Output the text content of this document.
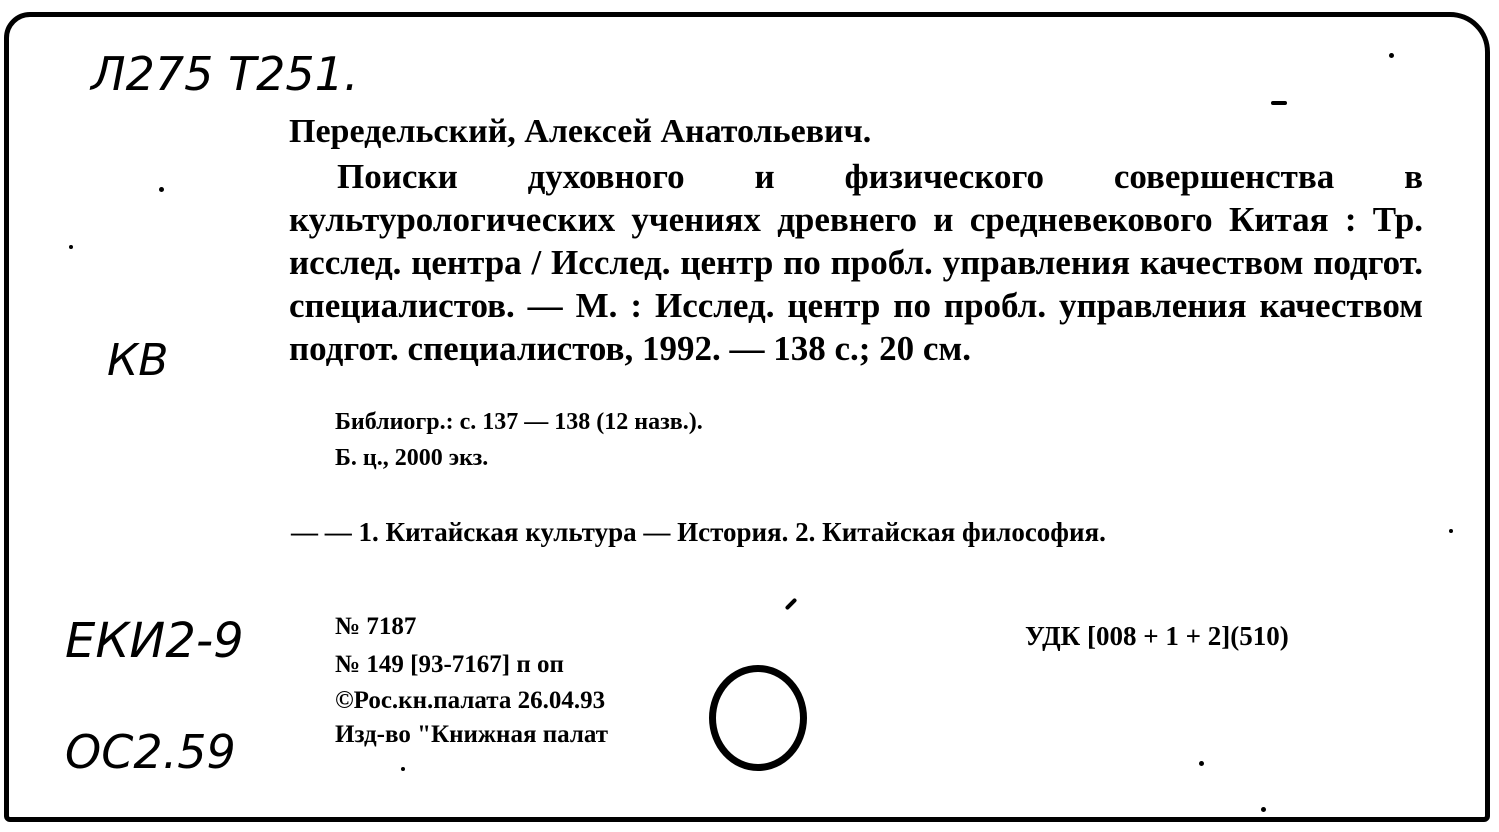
Л275 Т251.
КВ
ЕКИ2-9
ОС2.59
Передельский, Алексей Анатольевич.
Поиски духовного и физического совершенства в культурологических учениях древнего и средневекового Китая : Тр. исслед. центра / Исслед. центр по пробл. управления качеством подгот. специалистов. — М. : Исслед. центр по пробл. управления качеством подгот. специалистов, 1992. — 138 с.; 20 см.
Библиогр.: с. 137 — 138 (12 назв.).
Б. ц., 2000 экз.
— — 1. Китайская культура — История. 2. Китайская философия.
№ 7187
№ 149 [93-7167] п оп
©Рос.кн.палата 26.04.93
Изд-во "Книжная палат
УДК [008 + 1 + 2](510)
